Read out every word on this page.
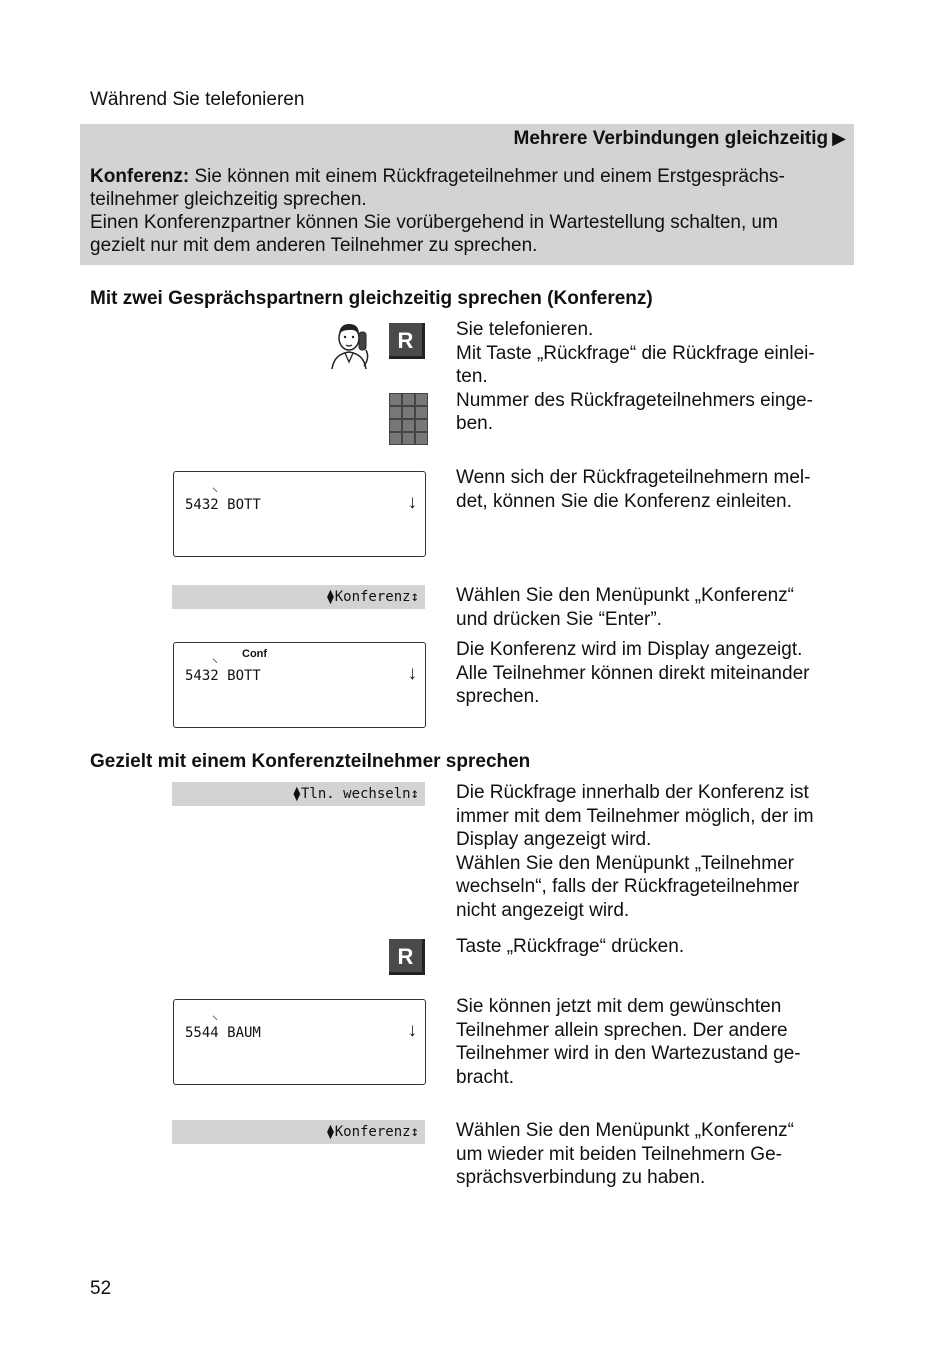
Während Sie telefonieren
Mehrere Verbindungen gleichzeitig ▶
Konferenz: Sie können mit einem Rückfrageteilnehmer und einem Erstgesprächs-
teilnehmer gleichzeitig sprechen.
Einen Konferenzpartner können Sie vorübergehend in Wartestellung schalten, um
gezielt nur mit dem anderen Teilnehmer zu sprechen.
Mit zwei Gesprächspartnern gleichzeitig sprechen (Konferenz)
R	Sie telefonieren.

Mit Taste „Rückfrage“ die Rückfrage einlei-

ten.

Nummer des Rückfrageteilnehmers einge-

ben.

⸜
5432 BOTT	↓

Wenn sich der Rückfrageteilnehmern mel-

det, können Sie die Konferenz einleiten.

⧫Konferenz↕	Wählen Sie den Menüpunkt „Konferenz“

und drücken Sie “Enter”.

⸜ Conf
5432 BOTT	↓

Die Konferenz wird im Display angezeigt.

Alle Teilnehmer können direkt miteinander

sprechen.

Gezielt mit einem Konferenzteilnehmer sprechen
⧫Tln. wechseln↕	Die Rückfrage innerhalb der Konferenz ist

immer mit dem Teilnehmer möglich, der im

Display angezeigt wird.

Wählen Sie den Menüpunkt „Teilnehmer

wechseln“, falls der Rückfrageteilnehmer

nicht angezeigt wird.

R	Taste „Rückfrage“ drücken.

⸜
5544 BAUM	↓

Sie können jetzt mit dem gewünschten

Teilnehmer allein sprechen. Der andere

Teilnehmer wird in den Wartezustand ge-

bracht.

⧫Konferenz↕	Wählen Sie den Menüpunkt „Konferenz“

um wieder mit beiden Teilnehmern Ge-

sprächsverbindung zu haben.

52
